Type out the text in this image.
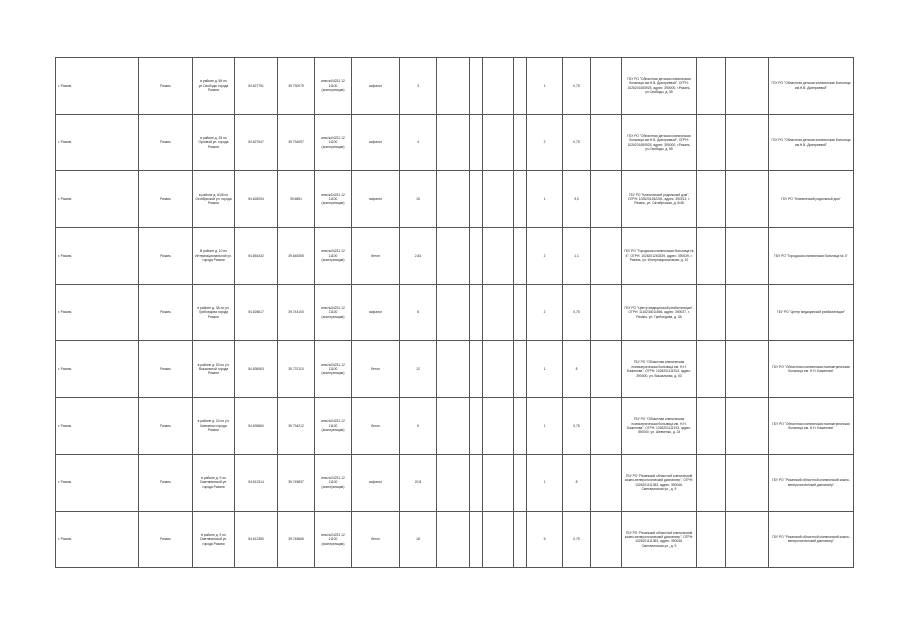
г. Рязань	Рязань	в районе д. 56 по ул.Свободы города Рязани	54.627751	39.730079	инв.№04231 12 11100 (эксплуатация)	асфальт	3					1	0,75		ГБУ РО "Областная детская клиническая больница им.Н.В. Дмитриевой", ОГРН: 1026201080925, адрес: 390000, г.Рязань, ул.Свободы, д. 55			ГБУ РО "Областная детская клиническая больница им.Н.В. Дмитриевой"
г. Рязань	Рязань	в районе д. 25 по Орловой ул. города Рязани	54.627047	39.734097	инв.№04231 12 11100 (эксплуатация)	асфальт	4					2	0,75		ГБУ РО "Областная детская клиническая больница им.Н.В. Дмитриевой", ОГРН: 1026201080925, адрес: 390000, г.Рязань, ул.Свободы, д. 55			ГБУ РО "Областная детская клиническая больница им.Н.В. Дмитриевой"
г. Рязань	Рязань	в районе д. 6/48 по Октябрьской ул. города Рязани	54.628254	39.6851	инв.№04231 12 11100 (эксплуатация)	асфальт	15					1	9,0		ГБУ РО "Клинический родильный дом", ОГРН: 1026201262261, адрес: 390013, г. Рязань, ул. Октябрьская, д. 6/48			ГБУ РО "Клинический родильный дом"
г. Рязань	Рязань	В районе д. 10 по Интернациональной ул. города Рязани	54.654432	39.646355	инв.№04231 12 11100 (эксплуатация)	бетон	2.84					2	1,1		ГБУ РО "Городская клиническая больница № 4", ОГРН: 1026201263339, адрес: 390039, г. Рязань, ул. Интернациональная, д. 10			ГБУ РО "Городская клиническая больница № 4"
г. Рязань	Рязань	в районе д. 3А по ул. Грибоедова города Рязани	54.628617	39.744100	инв.№04231 12 11100 (эксплуатация)	асфальт	8					2	0,75		ГБУ РО "Центр медицинской реабилитации", ОГРН: 1116234011666, адрес: 390037, г. Рязань, ул. Грибоедова, д. 3А			ГБУ РО "Центр медицинской реабилитации"
г. Рязань	Рязань	в районе д. 53 по ул. Вокзальной города Рязани	54.636063	39.737110	инв.№04231 12 11100 (эксплуатация)	бетон	12					1	8		ГБУ РО "Областная клиническая психиатрическая больница им. Н.Н. Баженова", ОГРН: 1026201111913, адрес: 390000, ул. Вокзальная, д. 53			ГБУ РО "Областная клиническая психиатрическая больница им. Н.Н. Баженова"
г. Рязань	Рязань	в районе д. 24 по ул. Шевченко города Рязани	54.635860	39.734212	инв.№04231 12 11100 (эксплуатация)	бетон	5					1	0,75		ГБУ РО "Областная клиническая психиатрическая больница им. Н.Н. Баженова", ОГРН: 1026201111913, адрес: 390000, ул. Шевченко, д. 24			ГБУ РО "Областная клиническая психиатрическая больница им. Н.Н. Баженова"
г. Рязань	Рязань	в районе д. 9 по Сметанинской ул. города Рязани	54.612314	39.745837	инв.№04231 12 11100 (эксплуатация)	асфальт	20,8					1	8		ГБУ РО "Рязанский областной клинический кожно-венерологический диспансер", ОГРН: 1026201111353, адрес: 390046, Сметанинская ул., д. 9			ГБУ РО "Рязанский областной клинический кожно-венерологический диспансер"
г. Рязань	Рязань	в районе д. 9 по Сметанинской ул. города Рязани	54.612380	39.745666	инв.№04231 12 11100 (эксплуатация)	бетон	18					5	0,75		ГБУ РО "Рязанский областной клинический кожно-венерологический диспансер", ОГРН: 1026201111353, адрес: 390046, Сметанинская ул., д. 9			ГБУ РО "Рязанский областной клинический кожно-венерологический диспансер"
